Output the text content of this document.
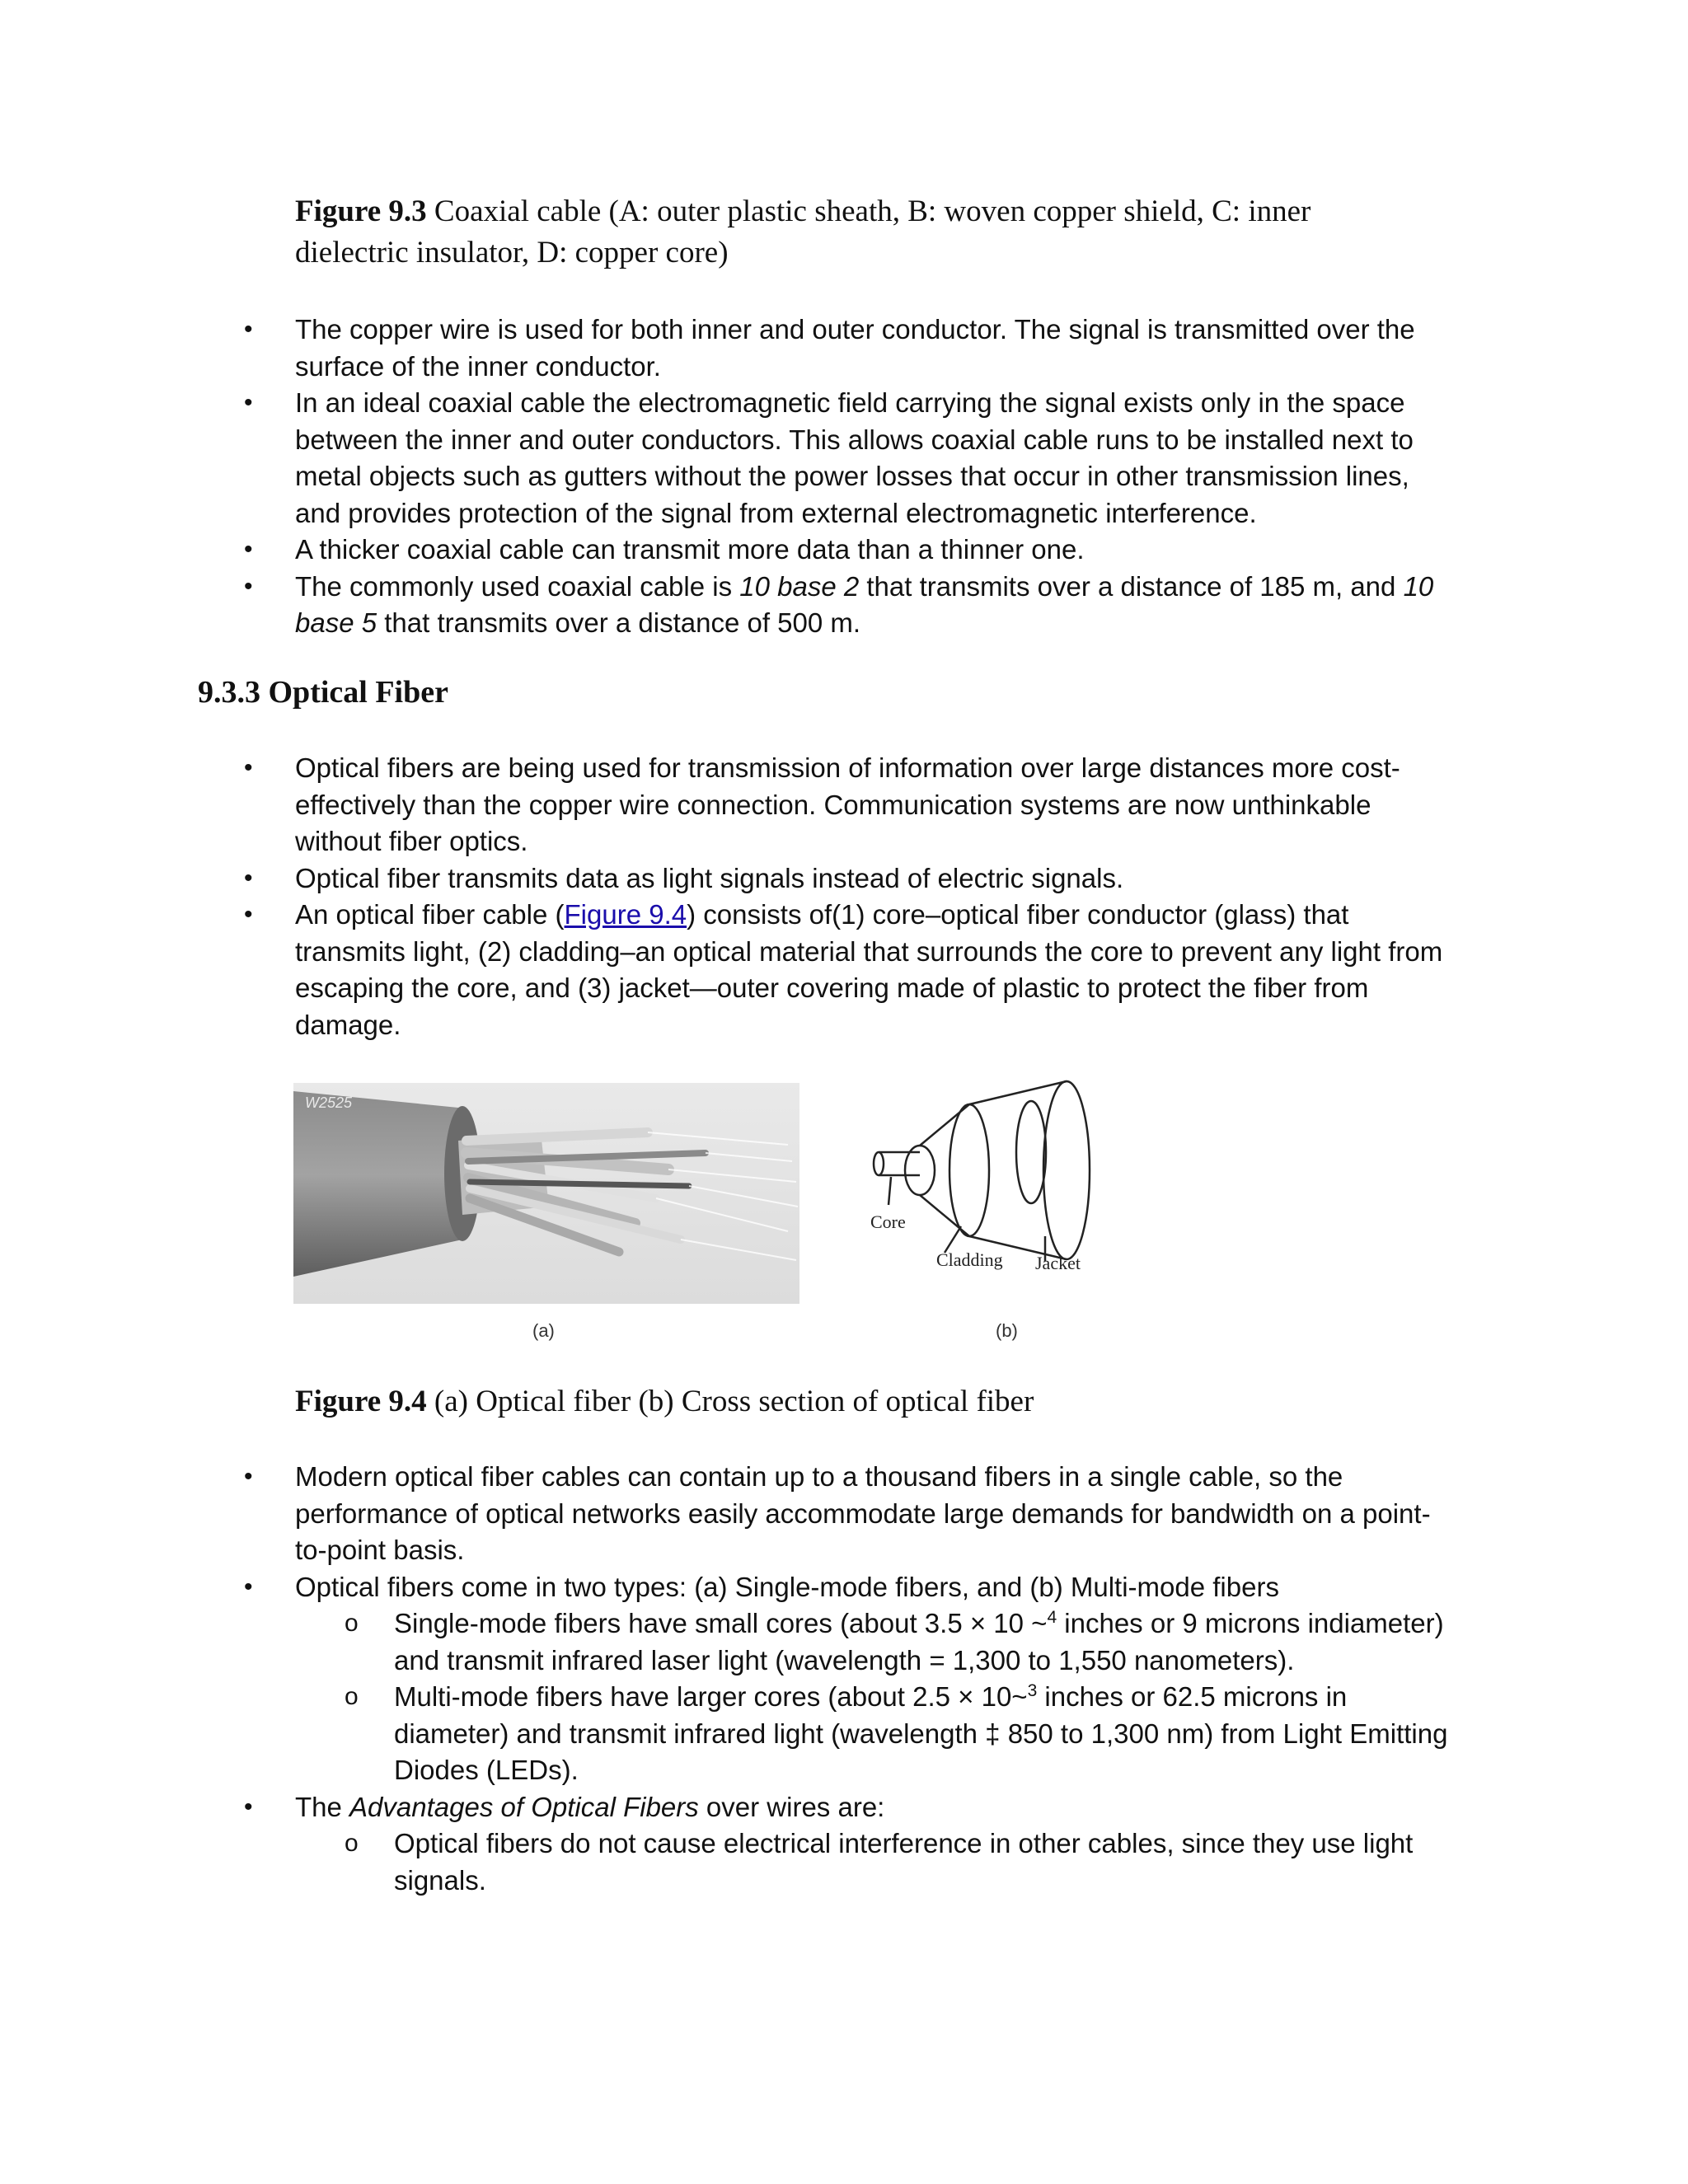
Figure 9.3 Coaxial cable (A: outer plastic sheath, B: woven copper shield, C: inner
dielectric insulator, D: copper core)
• The copper wire is used for both inner and outer conductor. The signal is transmitted over the surface of the inner conductor.
• In an ideal coaxial cable the electromagnetic field carrying the signal exists only in the space between the inner and outer conductors. This allows coaxial cable runs to be installed next to metal objects such as gutters without the power losses that occur in other transmission lines, and provides protection of the signal from external electromagnetic interference.
• A thicker coaxial cable can transmit more data than a thinner one.
• The commonly used coaxial cable is 10 base 2 that transmits over a distance of 185 m, and 10 base 5 that transmits over a distance of 500 m.
9.3.3 Optical Fiber
• Optical fibers are being used for transmission of information over large distances more cost-effectively than the copper wire connection. Communication systems are now unthinkable without fiber optics.
• Optical fiber transmits data as light signals instead of electric signals.
• An optical fiber cable (Figure 9.4) consists of(1) core–optical fiber conductor (glass) that transmits light, (2) cladding–an optical material that surrounds the core to prevent any light from escaping the core, and (3) jacket—outer covering made of plastic to protect the fiber from damage.
W2525
(a)
Core
Cladding Jacket
(b)
Figure 9.4 (a) Optical fiber (b) Cross section of optical fiber
• Modern optical fiber cables can contain up to a thousand fibers in a single cable, so the performance of optical networks easily accommodate large demands for bandwidth on a point-to-point basis.
• Optical fibers come in two types: (a) Single-mode fibers, and (b) Multi-mode fibers
o Single-mode fibers have small cores (about 3.5 × 10 ~$^4$ inches or 9 microns indiameter) and transmit infrared laser light (wavelength = 1,300 to 1,550 nanometers).
o Multi-mode fibers have larger cores (about 2.5 × 10~$^3$ inches or 62.5 microns in diameter) and transmit infrared light (wavelength ‡ 850 to 1,300 nm) from Light Emitting Diodes (LEDs).
• The Advantages of Optical Fibers over wires are:
o Optical fibers do not cause electrical interference in other cables, since they use light signals.
